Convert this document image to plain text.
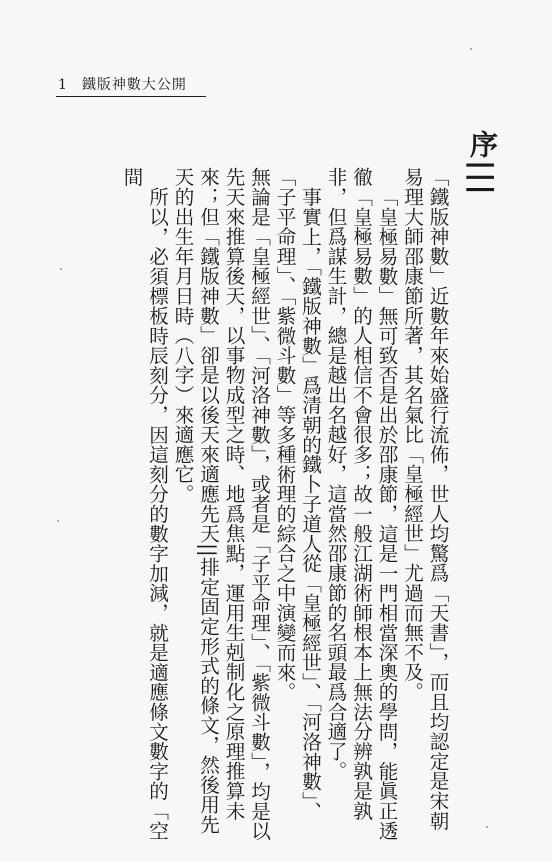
1 鐵版神數大公開
序|||

「鐵版神數」近數年來始盛行流佈，世人均驚爲「天書」，而且均認定是宋朝易理大師邵康節所著，其名氣比「皇極經世」尤過而無不及。

「皇極易數」無可致否是出於邵康節，這是一門相當深奧的學問，能眞正透徹「皇極易數」的人相信不會很多；故一般江湖術師根本上無法分辨孰是孰非，但爲謀生計，總是越出名越好，這當然邵康節的名頭最爲合適了。

事實上，「鐵版神數」爲清朝的鐵卜子道人從「皇極經世」、「河洛神數」、「子平命理」、「紫微斗數」等多種術理的綜合之中演變而來。

無論是「皇極經世」、「河洛神數」，或者是「子平命理」、「紫微斗數」，均是以先天來推算後天，以事物成型之時、地爲焦點，運用生剋制化之原理推算未來；但「鐵版神數」卻是以後天來適應先天||排定固定形式的條文，然後用先天的出生年月日時（八字）來適應它。

所以，必須標板時辰刻分，因這刻分的數字加減，就是適應條文數字的「空間
